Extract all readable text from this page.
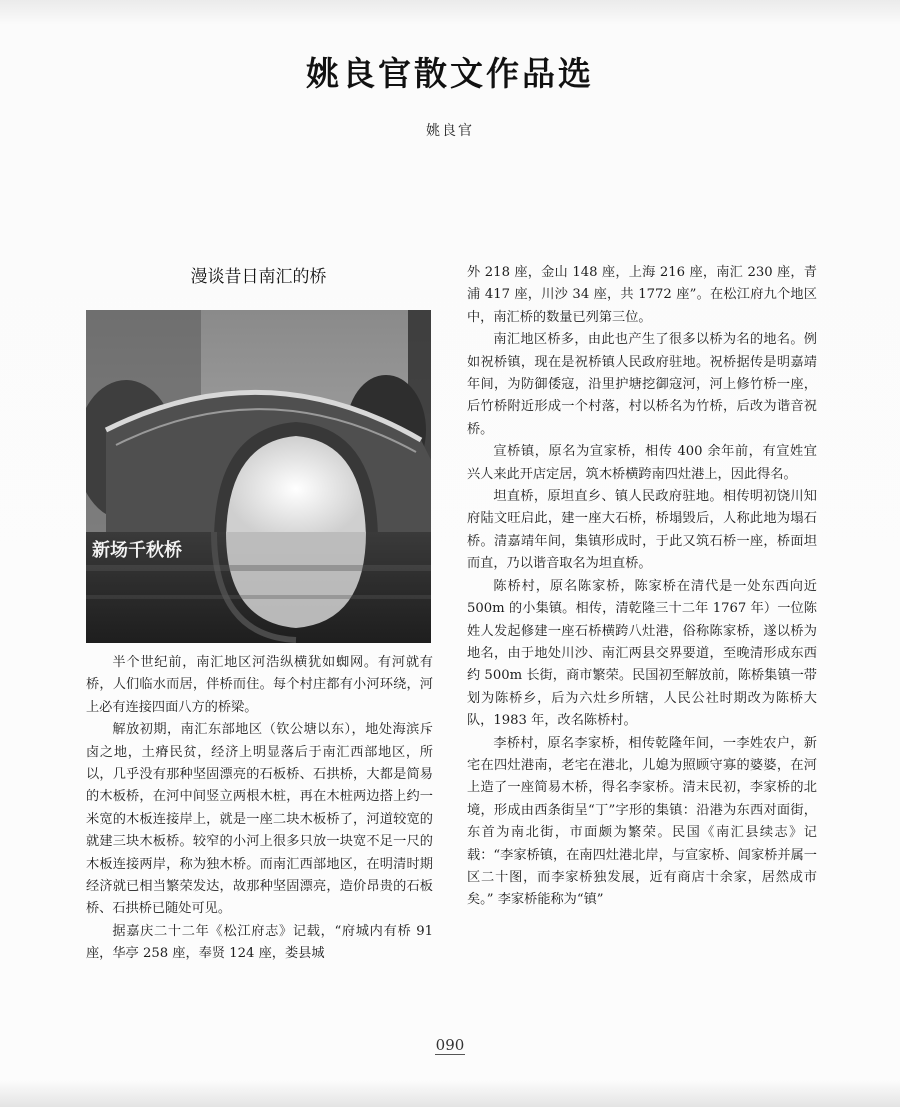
姚良官散文作品选
姚良官
漫谈昔日南汇的桥
新场千秋桥

半个世纪前，南汇地区河浩纵横犹如蜘网。有河就有桥，人们临水而居，伴桥而住。每个村庄都有小河环绕，河上必有连接四面八方的桥梁。

解放初期，南汇东部地区（钦公塘以东），地处海滨斥卤之地，土瘠民贫，经济上明显落后于南汇西部地区，所以，几乎没有那种坚固漂亮的石板桥、石拱桥，大都是简易的木板桥，在河中间竖立两根木桩，再在木桩两边搭上约一米宽的木板连接岸上，就是一座二块木板桥了，河道较宽的就建三块木板桥。较窄的小河上很多只放一块宽不足一尺的木板连接两岸，称为独木桥。而南汇西部地区，在明清时期经济就已相当繁荣发达，故那种坚固漂亮，造价昂贵的石板桥、石拱桥已随处可见。

据嘉庆二十二年《松江府志》记载，“府城内有桥 91 座，华亭 258 座，奉贤 124 座，娄县城

外 218 座，金山 148 座，上海 216 座，南汇 230 座，青浦 417 座，川沙 34 座，共 1772 座”。在松江府九个地区中，南汇桥的数量已列第三位。

南汇地区桥多，由此也产生了很多以桥为名的地名。例如祝桥镇，现在是祝桥镇人民政府驻地。祝桥据传是明嘉靖年间，为防御倭寇，沿里护塘挖御寇河，河上修竹桥一座，后竹桥附近形成一个村落，村以桥名为竹桥，后改为谐音祝桥。

宣桥镇，原名为宣家桥，相传 400 余年前，有宣姓宜兴人来此开店定居，筑木桥横跨南四灶港上，因此得名。

坦直桥，原坦直乡、镇人民政府驻地。相传明初饶川知府陆文旺启此，建一座大石桥，桥塌毁后，人称此地为塌石桥。清嘉靖年间，集镇形成时，于此又筑石桥一座，桥面坦而直，乃以谐音取名为坦直桥。

陈桥村，原名陈家桥，陈家桥在清代是一处东西向近 500m 的小集镇。相传，清乾隆三十二年 1767 年）一位陈姓人发起修建一座石桥横跨八灶港，俗称陈家桥，遂以桥为地名，由于地处川沙、南汇两县交界要道，至晚清形成东西约 500m 长街，商市繁荣。民国初至解放前，陈桥集镇一带划为陈桥乡，后为六灶乡所辖，人民公社时期改为陈桥大队，1983 年，改名陈桥村。

李桥村，原名李家桥，相传乾隆年间，一李姓农户，新宅在四灶港南，老宅在港北，儿媳为照顾守寡的婆婆，在河上造了一座简易木桥，得名李家桥。清末民初，李家桥的北境，形成由西条街呈“丁”字形的集镇：沿港为东西对面街，东首为南北街，市面颇为繁荣。民国《南汇县续志》记载：“李家桥镇，在南四灶港北岸，与宣家桥、闾家桥并属一区二十图，而李家桥独发展，近有商店十余家，居然成市矣。” 李家桥能称为“镇”

090
